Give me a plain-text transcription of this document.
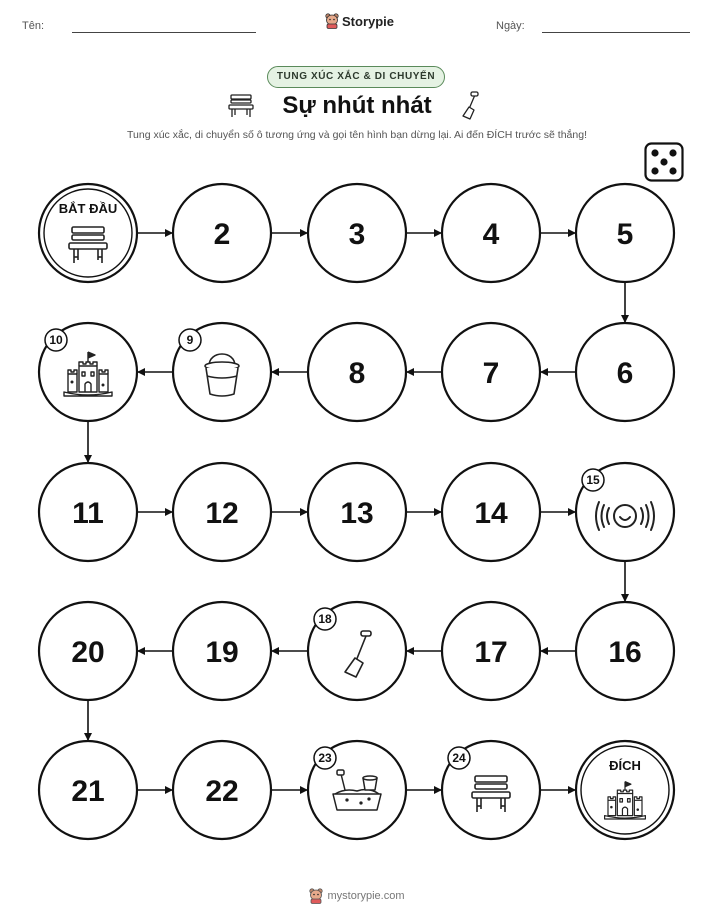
Tên:	Storypie	Ngày:
TUNG XÚC XẮC & DI CHUYỂN
Sự nhút nhát
Tung xúc xắc, di chuyển số ô tương ứng và gọi tên hình bạn dừng lại. Ai đến ĐÍCH trước sẽ thắng!
BẮT ĐẦU
2	3	4	5
6
7
8
9
10
11	12	13	14
15
16
17
18
19
20
21	22
23	24	ĐÍCH
mystorypie.com
